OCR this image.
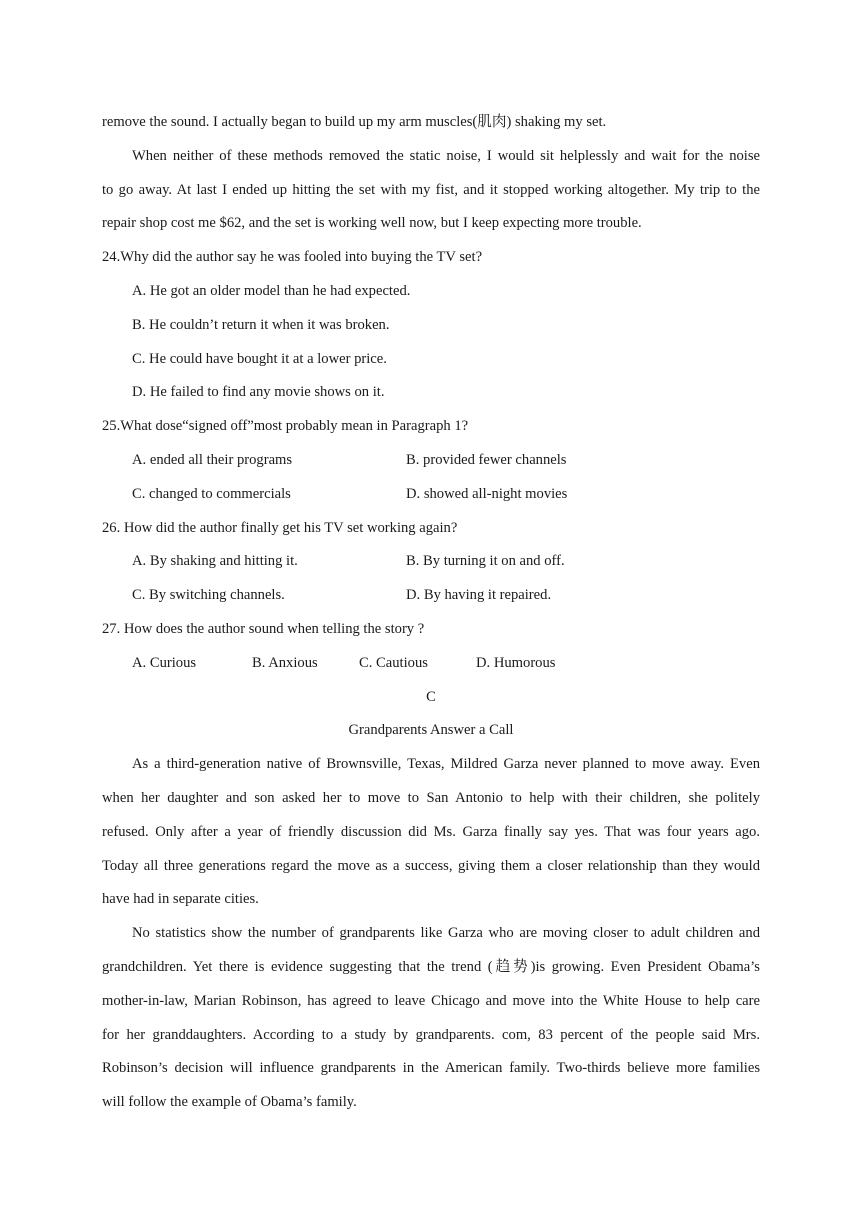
remove the sound. I actually began to build up my arm muscles(肌肉) shaking my set.
When neither of these methods removed the static noise, I would sit helplessly and wait for the noise
to go away. At last I ended up hitting the set with my fist, and it stopped working altogether. My trip to the
repair shop cost me $62, and the set is working well now, but I keep expecting more trouble.
24.Why did the author say he was fooled into buying the TV set?
A. He got an older model than he had expected.
B. He couldn’t return it when it was broken.
C. He could have bought it at a lower price.
D. He failed to find any movie shows on it.
25.What dose“signed off”most probably mean in Paragraph 1?
A. ended all their programs	B. provided fewer channels
C. changed to commercials	D. showed all-night movies
26. How did the author finally get his TV set working again?
A. By shaking and hitting it.	B. By turning it on and off.
C. By switching channels.	D. By having it repaired.
27. How does the author sound when telling the story ?
A. Curious	B. Anxious	C. Cautious	D. Humorous
C
Grandparents Answer a Call
As a third-generation native of Brownsville, Texas, Mildred Garza never planned to move away. Even
when her daughter and son asked her to move to San Antonio to help with their children, she politely
refused. Only after a year of friendly discussion did Ms. Garza finally say yes. That was four years ago.
Today all three generations regard the move as a success, giving them a closer relationship than they would
have had in separate cities.
No statistics show the number of grandparents like Garza who are moving closer to adult children and
grandchildren. Yet there is evidence suggesting that the trend (趋势)is growing. Even President Obama’s
mother-in-law, Marian Robinson, has agreed to leave Chicago and move into the White House to help care
for her granddaughters. According to a study by grandparents. com, 83 percent of the people said Mrs.
Robinson’s decision will influence grandparents in the American family. Two-thirds believe more families
will follow the example of Obama’s family.
